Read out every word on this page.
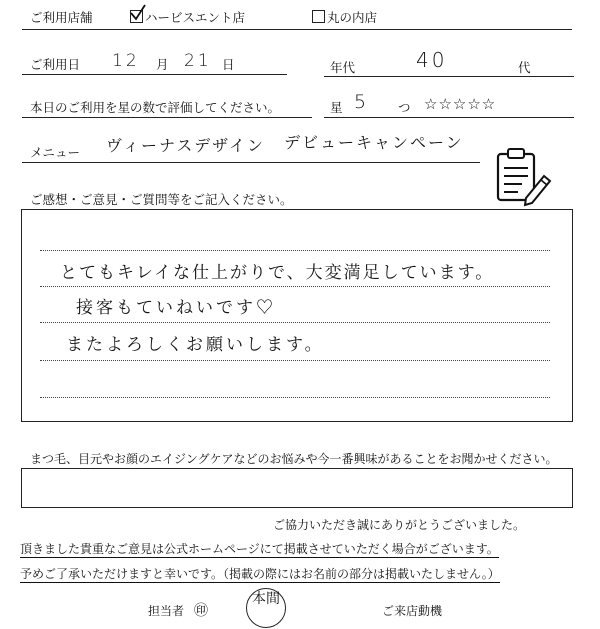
ご利用店舗	ハービスエント店	丸の内店
ご利用日 12 月 21 日	年代	40	代
本日のご利用を星の数で評価してください。	星 5 つ ☆☆☆☆☆
メニュー ヴィーナスデザイン デビューキャンペーン
ご感想・ご意見・ご質問等をご記入ください。
とてもキレイな仕上がりで、大変満足しています。
接客もていねいです♡
またよろしくお願いします。
まつ毛、目元やお顔のエイジングケアなどのお悩みや今一番興味があることをお聞かせください。
ご協力いただき誠にありがとうございました。
頂きました貴重なご意見は公式ホームページにて掲載させていただく場合がございます。
予めご了承いただけますと幸いです。（掲載の際にはお名前の部分は掲載いたしません。）
担当者 ㊞
本間
ご来店動機
